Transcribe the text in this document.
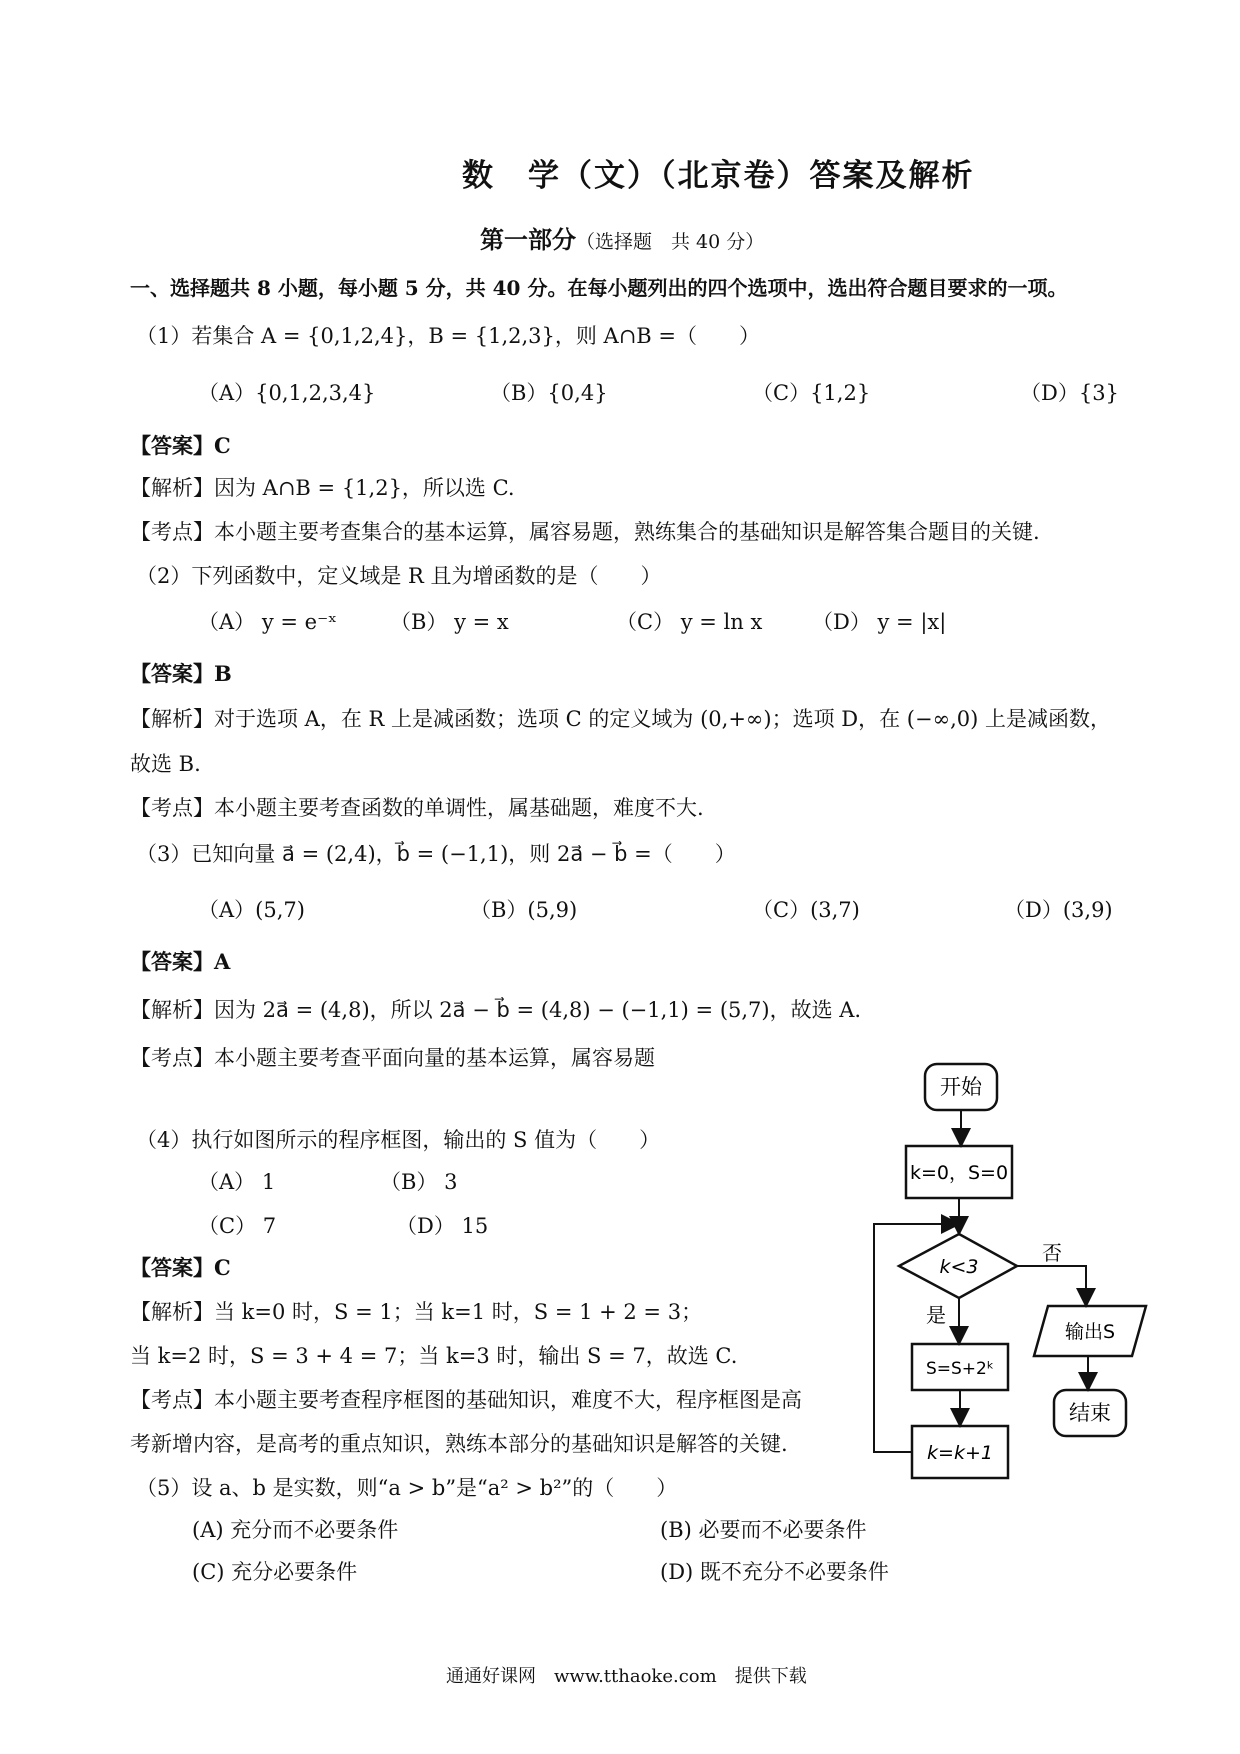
数　学（文）（北京卷）答案及解析
第一部分（选择题　共 40 分）
一、选择题共 8 小题，每小题 5 分，共 40 分。在每小题列出的四个选项中，选出符合题目要求的一项。
（1）若集合 A = {0,1,2,4}，B = {1,2,3}，则 A∩B =（　　）
（A）{0,1,2,3,4}	（B）{0,4}	（C）{1,2}	（D）{3}
【答案】C
【解析】因为 A∩B = {1,2}，所以选 C.
【考点】本小题主要考查集合的基本运算，属容易题，熟练集合的基础知识是解答集合题目的关键.
（2）下列函数中，定义域是 R 且为增函数的是（　　）
（A） y = e⁻ˣ	（B） y = x	（C） y = ln x （D） y = |x|
【答案】B
【解析】对于选项 A，在 R 上是减函数；选项 C 的定义域为 (0,+∞)；选项 D，在 (−∞,0) 上是减函数，
故选 B.
【考点】本小题主要考查函数的单调性，属基础题，难度不大.
（3）已知向量 a⃗ = (2,4)，b⃗ = (−1,1)，则 2a⃗ − b⃗ =（　　）
（A）(5,7)	（B）(5,9)	（C）(3,7)	（D）(3,9)
【答案】A
【解析】因为 2a⃗ = (4,8)，所以 2a⃗ − b⃗ = (4,8) − (−1,1) = (5,7)，故选 A.
【考点】本小题主要考查平面向量的基本运算，属容易题
（4）执行如图所示的程序框图，输出的 S 值为（　　）
（A） 1	（B） 3
（C） 7	（D） 15
【答案】C
【解析】当 k=0 时，S = 1；当 k=1 时，S = 1 + 2 = 3；
当 k=2 时，S = 3 + 4 = 7；当 k=3 时，输出 S = 7，故选 C.
【考点】本小题主要考查程序框图的基础知识，难度不大，程序框图是高
考新增内容，是高考的重点知识，熟练本部分的基础知识是解答的关键.
开始
k=0，S=0
k<3
是
S=S+2ᵏ
k=k+1
否
输出S
结束
（5）设 a、b 是实数，则“a > b”是“a² > b²”的（　　）
(A) 充分而不必要条件	(B) 必要而不必要条件
(C) 充分必要条件	(D) 既不充分不必要条件
通通好课网　www.tthaoke.com　提供下载
